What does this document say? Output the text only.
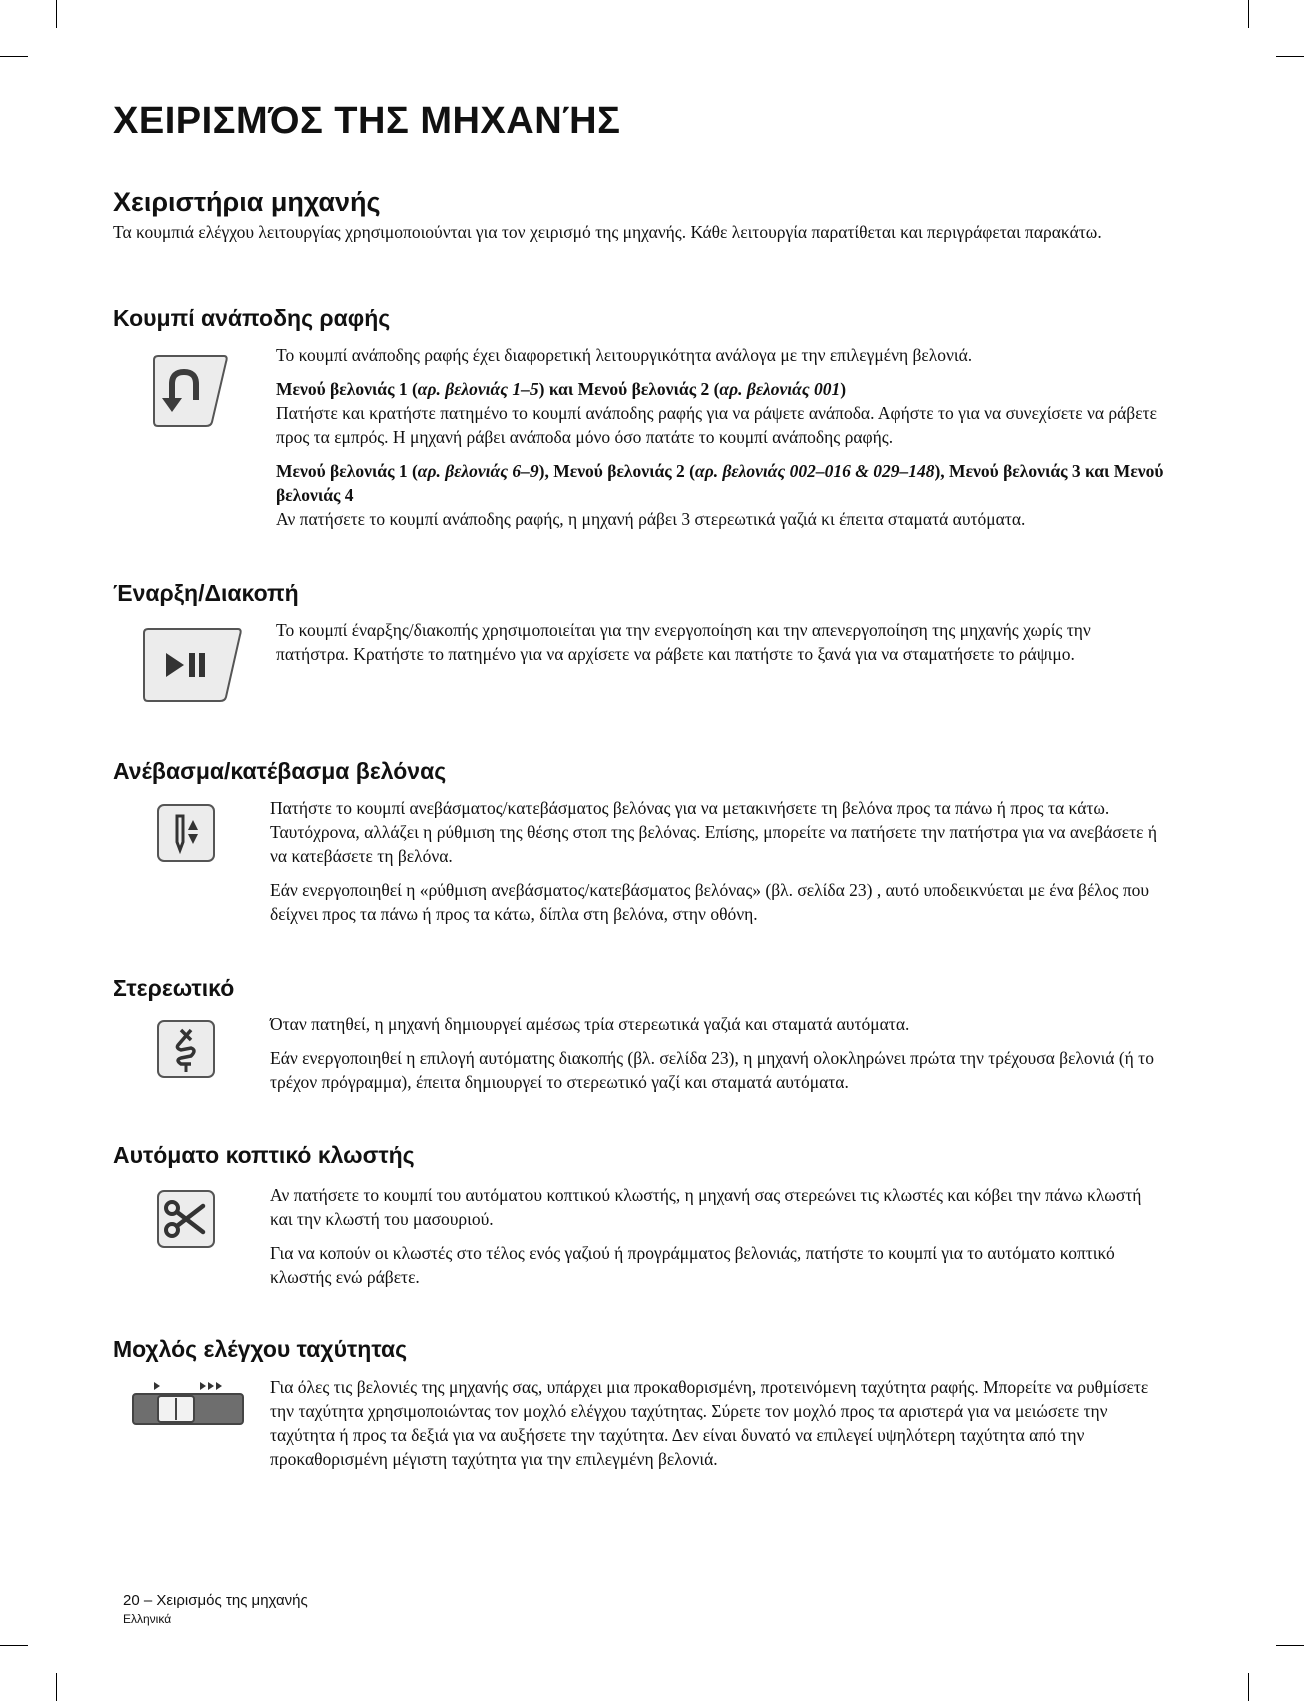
ΧΕΙΡΙΣΜΌΣ ΤΗΣ ΜΗΧΑΝΉΣ
Χειριστήρια μηχανής
Τα κουμπιά ελέγχου λειτουργίας χρησιμοποιούνται για τον χειρισμό της μηχανής. Κάθε λειτουργία παρατίθεται και περιγράφεται παρακάτω.
Κουμπί ανάποδης ραφής

Το κουμπί ανάποδης ραφής έχει διαφορετική λειτουργικότητα ανάλογα με την επιλεγμένη βελονιά.

Μενού βελονιάς 1 (αρ. βελονιάς 1–5) και Μενού βελονιάς 2 (αρ. βελονιάς 001)

Πατήστε και κρατήστε πατημένο το κουμπί ανάποδης ραφής για να ράψετε ανάποδα. Αφήστε το για να συνεχίσετε να ράβετε προς τα εμπρός. Η μηχανή ράβει ανάποδα μόνο όσο πατάτε το κουμπί ανάποδης ραφής.

Μενού βελονιάς 1 (αρ. βελονιάς 6–9), Μενού βελονιάς 2 (αρ. βελονιάς 002–016 & 029–148), Μενού βελονιάς 3 και Μενού βελονιάς 4

Αν πατήσετε το κουμπί ανάποδης ραφής, η μηχανή ράβει 3 στερεωτικά γαζιά κι έπειτα σταματά αυτόματα.

Έναρξη/Διακοπή

Το κουμπί έναρξης/διακοπής χρησιμοποιείται για την ενεργοποίηση και την απενεργοποίηση της μηχανής χωρίς την πατήστρα. Κρατήστε το πατημένο για να αρχίσετε να ράβετε και πατήστε το ξανά για να σταματήσετε το ράψιμο.

Ανέβασμα/κατέβασμα βελόνας

Πατήστε το κουμπί ανεβάσματος/κατεβάσματος βελόνας για να μετακινήσετε τη βελόνα προς τα πάνω ή προς τα κάτω. Ταυτόχρονα, αλλάζει η ρύθμιση της θέσης στοπ της βελόνας. Επίσης, μπορείτε να πατήσετε την πατήστρα για να ανεβάσετε ή να κατεβάσετε τη βελόνα.

Εάν ενεργοποιηθεί η «ρύθμιση ανεβάσματος/κατεβάσματος βελόνας» (βλ. σελίδα 23) , αυτό υποδεικνύεται με ένα βέλος που δείχνει προς τα πάνω ή προς τα κάτω, δίπλα στη βελόνα, στην οθόνη.

Στερεωτικό

Όταν πατηθεί, η μηχανή δημιουργεί αμέσως τρία στερεωτικά γαζιά και σταματά αυτόματα.

Εάν ενεργοποιηθεί η επιλογή αυτόματης διακοπής (βλ. σελίδα 23), η μηχανή ολοκληρώνει πρώτα την τρέχουσα βελονιά (ή το τρέχον πρόγραμμα), έπειτα δημιουργεί το στερεωτικό γαζί και σταματά αυτόματα.

Αυτόματο κοπτικό κλωστής

Αν πατήσετε το κουμπί του αυτόματου κοπτικού κλωστής, η μηχανή σας στερεώνει τις κλωστές και κόβει την πάνω κλωστή και την κλωστή του μασουριού.

Για να κοπούν οι κλωστές στο τέλος ενός γαζιού ή προγράμματος βελονιάς, πατήστε το κουμπί για το αυτόματο κοπτικό κλωστής ενώ ράβετε.

Μοχλός ελέγχου ταχύτητας

Για όλες τις βελονιές της μηχανής σας, υπάρχει μια προκαθορισμένη, προτεινόμενη ταχύτητα ραφής. Μπορείτε να ρυθμίσετε την ταχύτητα χρησιμοποιώντας τον μοχλό ελέγχου ταχύτητας. Σύρετε τον μοχλό προς τα αριστερά για να μειώσετε την ταχύτητα ή προς τα δεξιά για να αυξήσετε την ταχύτητα. Δεν είναι δυνατό να επιλεγεί υψηλότερη ταχύτητα από την προκαθορισμένη μέγιστη ταχύτητα για την επιλεγμένη βελονιά.

20 – Χειρισμός της μηχανής
Ελληνικά
